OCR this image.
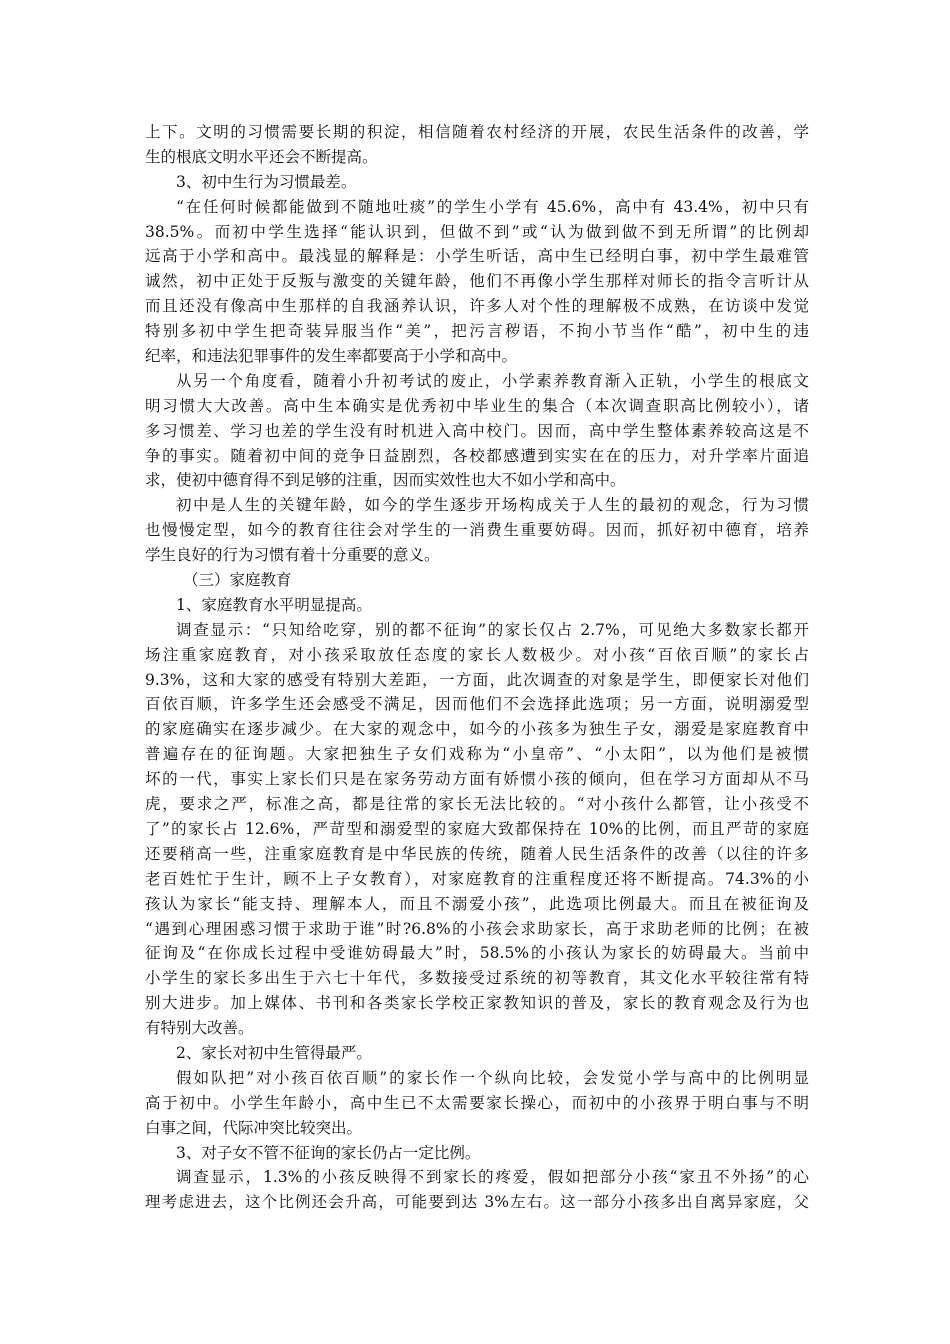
上下。文明的习惯需要长期的积淀，相信随着农村经济的开展，农民生活条件的改善，学
生的根底文明水平还会不断提高。
3、初中生行为习惯最差。
“在任何时候都能做到不随地吐痰”的学生小学有 45.6%，高中有 43.4%，初中只有
38.5%。而初中学生选择“能认识到，但做不到”或“认为做到做不到无所谓”的比例却
远高于小学和高中。最浅显的解释是：小学生听话，高中生已经明白事，初中学生最难管
诚然，初中正处于反叛与激变的关键年龄，他们不再像小学生那样对师长的指令言听计从
而且还没有像高中生那样的自我涵养认识，许多人对个性的理解极不成熟，在访谈中发觉
特别多初中学生把奇装异服当作“美”，把污言秽语，不拘小节当作“酷”，初中生的违
纪率，和违法犯罪事件的发生率都要高于小学和高中。
从另一个角度看，随着小升初考试的废止，小学素养教育渐入正轨，小学生的根底文
明习惯大大改善。高中生本确实是优秀初中毕业生的集合（本次调查职高比例较小），诸
多习惯差、学习也差的学生没有时机进入高中校门。因而，高中学生整体素养较高这是不
争的事实。随着初中间的竞争日益剧烈，各校都感遭到实实在在的压力，对升学率片面追
求，使初中德育得不到足够的注重，因而实效性也大不如小学和高中。
初中是人生的关键年龄，如今的学生逐步开场构成关于人生的最初的观念，行为习惯
也慢慢定型，如今的教育往往会对学生的一消费生重要妨碍。因而，抓好初中德育，培养
学生良好的行为习惯有着十分重要的意义。
（三）家庭教育
1、家庭教育水平明显提高。
调查显示：“只知给吃穿，别的都不征询”的家长仅占 2.7%，可见绝大多数家长都开
场注重家庭教育，对小孩采取放任态度的家长人数极少。对小孩“百依百顺”的家长占
9.3%，这和大家的感受有特别大差距，一方面，此次调查的对象是学生，即便家长对他们
百依百顺，许多学生还会感受不满足，因而他们不会选择此选项；另一方面，说明溺爱型
的家庭确实在逐步减少。在大家的观念中，如今的小孩多为独生子女，溺爱是家庭教育中
普遍存在的征询题。大家把独生子女们戏称为“小皇帝”、“小太阳”，以为他们是被惯
坏的一代，事实上家长们只是在家务劳动方面有娇惯小孩的倾向，但在学习方面却从不马
虎，要求之严，标准之高，都是往常的家长无法比较的。“对小孩什么都管，让小孩受不
了”的家长占 12.6%，严苛型和溺爱型的家庭大致都保持在 10%的比例，而且严苛的家庭
还要稍高一些，注重家庭教育是中华民族的传统，随着人民生活条件的改善（以往的许多
老百姓忙于生计，顾不上子女教育），对家庭教育的注重程度还将不断提高。74.3%的小
孩认为家长“能支持、理解本人，而且不溺爱小孩”，此选项比例最大。而且在被征询及
“遇到心理困惑习惯于求助于谁”时?6.8%的小孩会求助家长，高于求助老师的比例；在被
征询及“在你成长过程中受谁妨碍最大”时，58.5%的小孩认为家长的妨碍最大。当前中
小学生的家长多出生于六七十年代，多数接受过系统的初等教育，其文化水平较往常有特
别大进步。加上媒体、书刊和各类家长学校正家教知识的普及，家长的教育观念及行为也
有特别大改善。
2、家长对初中生管得最严。
假如队把”对小孩百依百顺”的家长作一个纵向比较，会发觉小学与高中的比例明显
高于初中。小学生年龄小，高中生已不太需要家长操心，而初中的小孩界于明白事与不明
白事之间，代际冲突比较突出。
3、对子女不管不征询的家长仍占一定比例。
调查显示，1.3%的小孩反映得不到家长的疼爱，假如把部分小孩“家丑不外扬”的心
理考虑进去，这个比例还会升高，可能要到达 3%左右。这一部分小孩多出自离异家庭，父
